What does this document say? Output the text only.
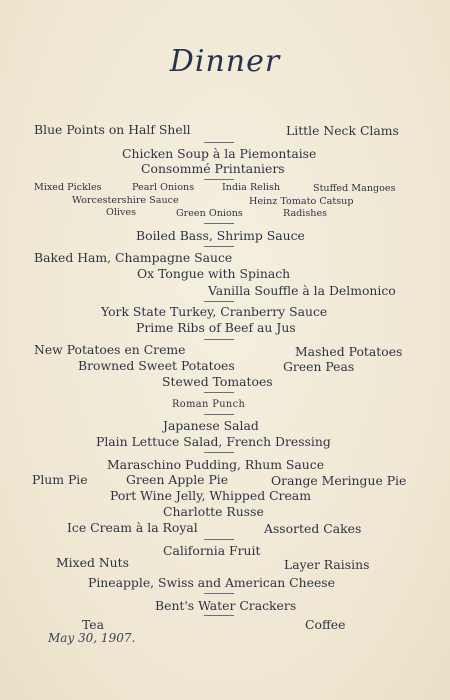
Dinner
Blue Points on Half Shell	Little Neck Clams
Chicken Soup à la Piemontaise
Consommé Printaniers
Mixed Pickles	Pearl Onions	India Relish	Stuffed Mangoes
Worcestershire Sauce	Heinz Tomato Catsup
Olives	Green Onions	Radishes
Boiled Bass, Shrimp Sauce
Baked Ham, Champagne Sauce
Ox Tongue with Spinach
Vanilla Souffle à la Delmonico
York State Turkey, Cranberry Sauce
Prime Ribs of Beef au Jus
New Potatoes en Creme	Mashed Potatoes
Browned Sweet Potatoes	Green Peas
Stewed Tomatoes
Roman Punch
Japanese Salad
Plain Lettuce Salad, French Dressing
Maraschino Pudding, Rhum Sauce
Plum Pie	Green Apple Pie	Orange Meringue Pie
Port Wine Jelly, Whipped Cream
Charlotte Russe
Ice Cream à la Royal	Assorted Cakes
California Fruit
Mixed Nuts	Layer Raisins
Pineapple, Swiss and American Cheese
Bent's Water Crackers
Tea	Coffee
May 30, 1907.
